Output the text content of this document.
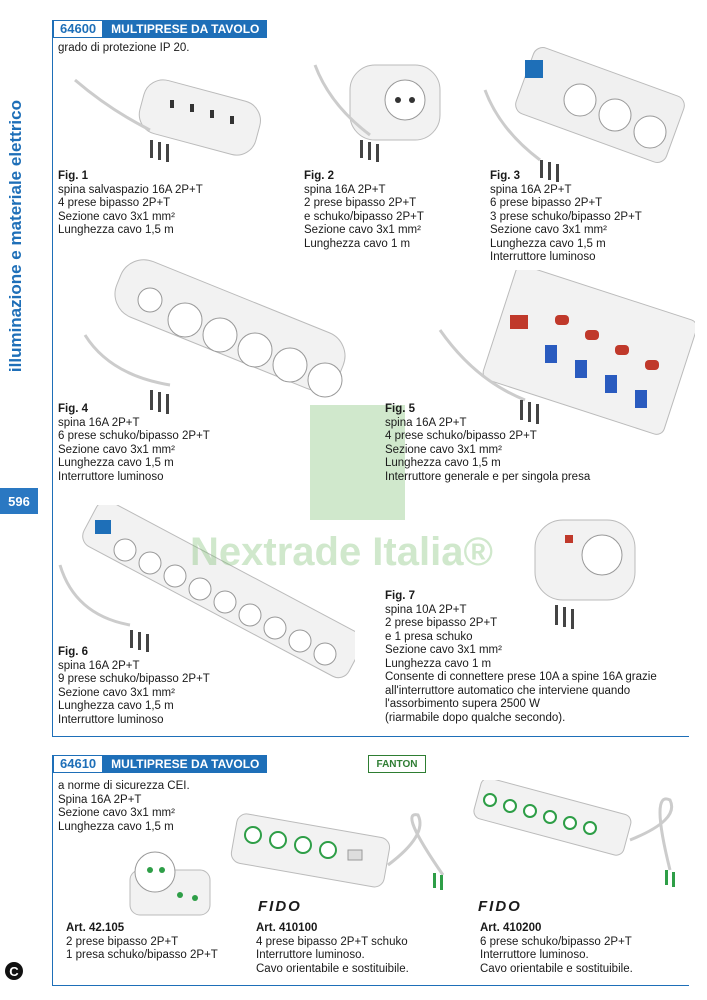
illuminazione e materiale elettrico
596
C
64600	MULTIPRESE DA TAVOLO
grado di protezione IP 20.
Nextrade Italia®
Fig. 1
spina salvaspazio 16A 2P+T
4 prese bipasso 2P+T
Sezione cavo 3x1 mm²
Lunghezza cavo 1,5 m
Fig. 2
spina 16A 2P+T
2 prese bipasso 2P+T
e schuko/bipasso 2P+T
Sezione cavo 3x1 mm²
Lunghezza cavo 1 m
Fig. 3
spina 16A 2P+T
6 prese bipasso 2P+T
3 prese schuko/bipasso 2P+T
Sezione cavo 3x1 mm²
Lunghezza cavo 1,5 m
Interruttore luminoso
Fig. 4
spina 16A 2P+T
6 prese schuko/bipasso 2P+T
Sezione cavo 3x1 mm²
Lunghezza cavo 1,5 m
Interruttore luminoso
Fig. 5
spina 16A 2P+T
4 prese schuko/bipasso 2P+T
Sezione cavo 3x1 mm²
Lunghezza cavo 1,5 m
Interruttore generale e per singola presa
Fig. 6
spina 16A 2P+T
9 prese schuko/bipasso 2P+T
Sezione cavo 3x1 mm²
Lunghezza cavo 1,5 m
Interruttore luminoso
Fig. 7
spina 10A 2P+T
2 prese bipasso 2P+T
e 1 presa schuko
Sezione cavo 3x1 mm²
Lunghezza cavo 1 m
Consente di connettere prese 10A a spine 16A grazie
all'interruttore automatico che interviene quando
l'assorbimento supera 2500 W
(riarmabile dopo qualche secondo).
64610	MULTIPRESE DA TAVOLO	FANTON
a norme di sicurezza CEI.
Spina 16A 2P+T
Sezione cavo 3x1 mm²
Lunghezza cavo 1,5 m
FIDO	FIDO
Art. 42.105
2 prese bipasso 2P+T
1 presa schuko/bipasso 2P+T
Art. 410100
4 prese bipasso 2P+T schuko
Interruttore luminoso.
Cavo orientabile e sostituibile.
Art. 410200
6 prese schuko/bipasso 2P+T
Interruttore luminoso.
Cavo orientabile e sostituibile.
